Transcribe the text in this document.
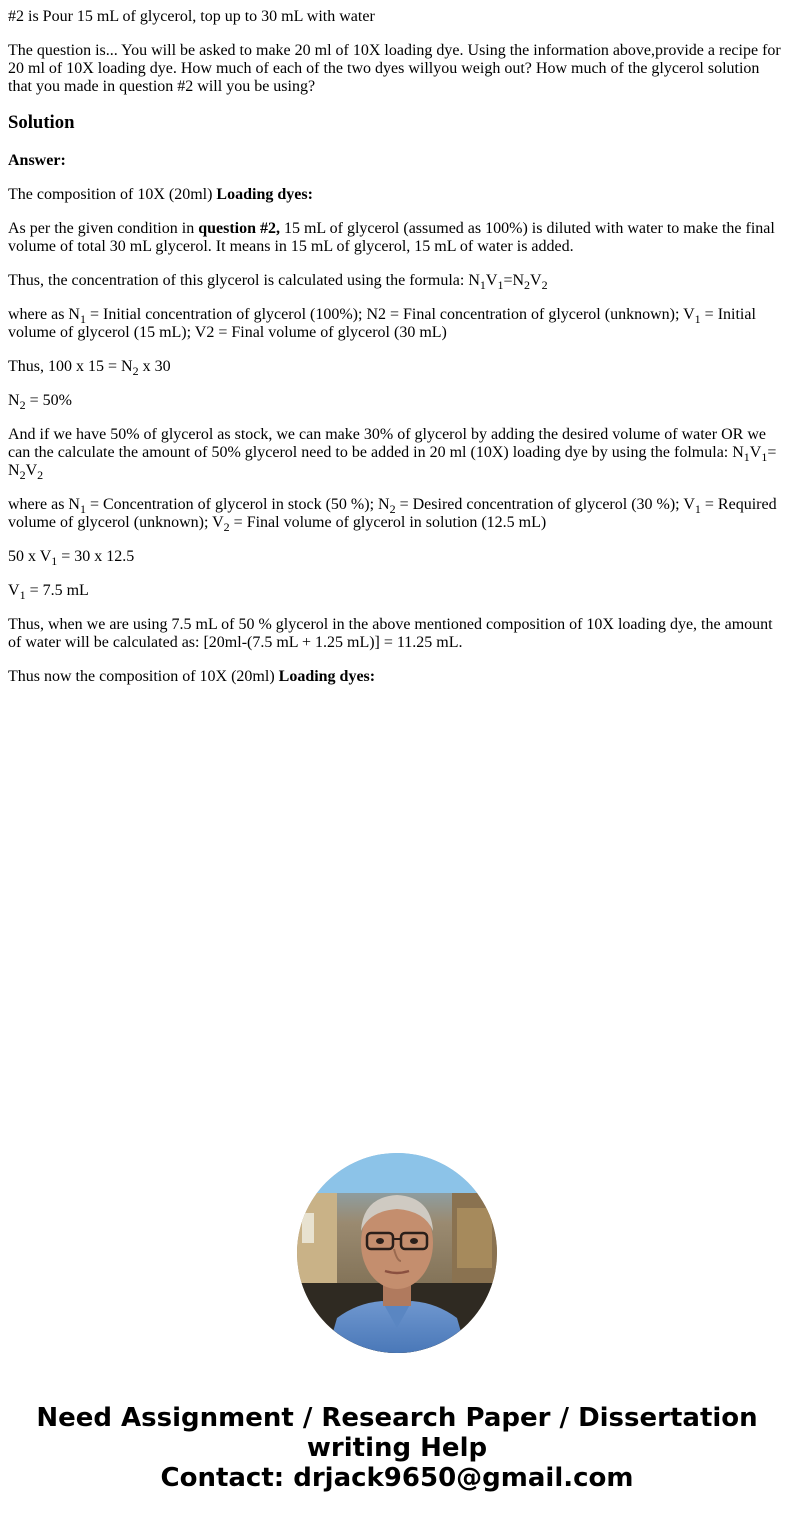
#2 is Pour 15 mL of glycerol, top up to 30 mL with water

The question is... You will be asked to make 20 ml of 10X loading dye. Using the information above,provide a recipe for 20 ml of 10X loading dye. How much of each of the two dyes willyou weigh out? How much of the glycerol solution that you made in question #2 will you be using?

Solution

Answer:

The composition of 10X (20ml) Loading dyes:

As per the given condition in question #2, 15 mL of glycerol (assumed as 100%) is diluted with water to make the final volume of total 30 mL glycerol. It means in 15 mL of glycerol, 15 mL of water is added.

Thus, the concentration of this glycerol is calculated using the formula: $N_1V_1=N_2V_2$

where as $N_1$ = Initial concentration of glycerol (100%); N2 = Final concentration of glycerol (unknown); $V_1$ = Initial volume of glycerol (15 mL); V2 = Final volume of glycerol (30 mL)

Thus, 100 x $15 = N_2$ x 30

$N_2 = 50\%$

And if we have 50% of glycerol as stock, we can make 30% of glycerol by adding the desired volume of water OR we can the calculate the amount of 50% glycerol need to be added in 20 ml (10X) loading dye by using the folmula: $N_1V_1= N_2V_2$

where as $N_1$ = Concentration of glycerol in stock (50 %); $N_2$ = Desired concentration of glycerol (30 %); $V_1$ = Required volume of glycerol (unknown); $V_2$ = Final volume of glycerol in solution (12.5 mL)

50 x $V_1 = 30$ x 12.5

$V_1 = 7.5$ mL

Thus, when we are using 7.5 mL of 50 % glycerol in the above mentioned composition of 10X loading dye, the amount of water will be calculated as: [20ml-(7.5 mL + 1.25 mL)] = 11.25 mL.

Thus now the composition of 10X (20ml) Loading dyes:

Need Assignment / Research Paper / Dissertation
writing Help
Contact: drjack9650@gmail.com
